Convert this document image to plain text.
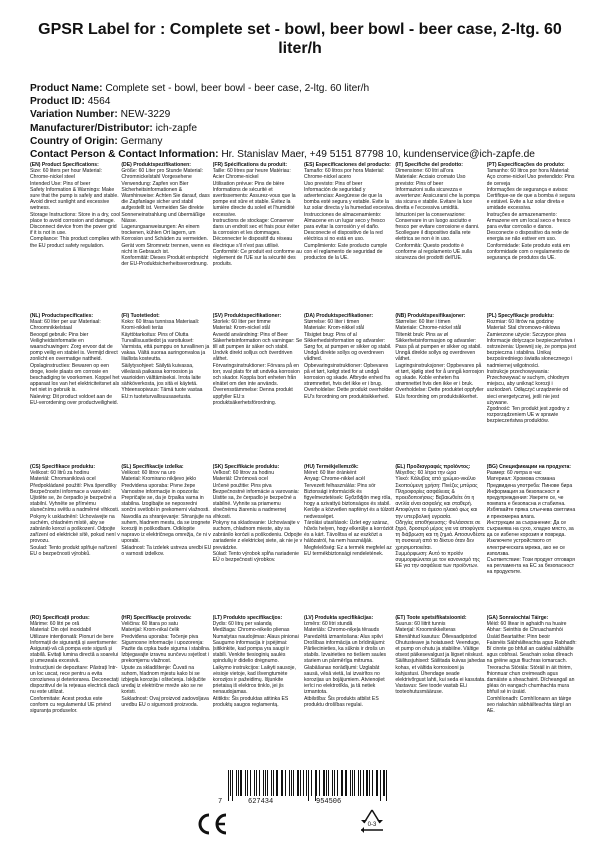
GPSR Label for : Complete set - bowl, beer bowl - beer case, 2-ltg. 60 liter/h
Product Name: Complete set - bowl, beer bowl - beer case, 2-ltg. 60 liter/h
Product ID: 4564
Variation Number: NEW-3229
Manufacturer/Distributor: ich-zapfe
Country of Origin: Germany
Contact Person & Contact Information: Hr. Stanislav Maer, +49 5151 87798 10, kundenservice@ich-zapfe.de
(EN) Product Specifications:

Size: 60 liters per hour Material: Chrome-nickel steel
Intended Use: Pins of beer
Safety Information & Warnings: Make sure that the pump is safely and stable. Avoid direct sunlight and excessive wetness.
Storage Instructions: Store in a dry, cool place to avoid corrosion and damage. Disconnect device from the power grid if it is not in use.
Compliance: This product complies with the EU product safety regulation.

(DE) Produktspezifikationen:

Größe: 60 Liter pro Stunde Material: Chromnickelstahl Vorgesehene Verwendung: Zapfen von Bier
Sicherheitsinformationen & Warnhinweise: Achten Sie darauf, dass die Zapfanlage sicher und stabil aufgestellt ist. Vermeiden Sie direkte Sonneneinstrahlung und übermäßige Nässe.
Lagerungsanweisungen: An einem trockenen, kühlen Ort lagern, um Korrosion und Schäden zu vermeiden. Gerät vom Stromnetz trennen, wenn es nicht in Gebrauch ist.
Konformität: Dieses Produkt entspricht der EU-Produktsicherheitsverordnung.

(FR) Spécifications du produit:

Taille: 60 litres par heure Matériau: Acier Chrome-nickel
Utilisation prévue: Pins de bière
Informations de sécurité et avertissements: Assurez-vous que la pompe est sûre et stable. Évitez la lumière directe du soleil et l'humidité excessive.
Instructions de stockage: Conserver dans un endroit sec et frais pour éviter la corrosion et les dommages. Déconnecter le dispositif du réseau électrique s'il n'est pas utilisé.
Conformité: Ce produit est conforme au règlement de l'UE sur la sécurité des produits.

(ES) Especificaciones del producto:

Tamaño: 60 litros por hora Material: Chrome-nickel acero
Uso previsto: Pins of beer
Información de seguridad y advertencias: Asegúrese de que la bomba esté segura y estable. Evite la luz solar directa y la humedad excesiva.
Instrucciones de almacenamiento: Almacene en un lugar seco y fresco para evitar la corrosión y el daño. Desconecte el dispositivo de la red eléctrica si no está en uso.
Cumplimiento: Este producto cumple con el reglamento de seguridad de productos de la UE.

(IT) Specifiche del prodotto:

Dimensione: 60 litri all'ora
Materiale: Acciaio cromato Uso previsto: Pins of beer
Informazioni sulla sicurezza e avvertenze: Assicurarsi che la pompa sia sicura e stabile. Evitare la luce diretta e l'eccessiva umidità.
Istruzioni per la conservazione: Conservare in un luogo asciutto e fresco per evitare corrosione e danni. Scollegare il dispositivo dalla rete elettrica se non è in uso.
Conformità: Questo prodotto è conforme al regolamento UE sulla sicurezza dei prodotti dell'UE.

(PT) Especificações do produto:

Tamanho: 60 litros por hora Material: Aço crome-nickel Uso pretendido: Pins de cerveja
Informações de segurança e avisos: Certifique-se de que a bomba é segura e estável. Evite a luz solar direta e umidade excessiva.
Instruções de armazenamento: Armazene em um local seco e fresco para evitar corrosão e danos. Desconecte o dispositivo da rede de energia se não estiver em uso.
Conformidade: Este produto está em conformidade com o regulamento de segurança de produtos da UE.

(NL) Productspecificaties:

Maat: 60 liter per uur Materiaal: Chroomnikkelstaal
Beoogd gebruik: Pins bier Veiligheidsinformatie en waarschuwingen: Zorg ervoor dat de pomp veilig en stabiel is. Vermijd direct zonlicht en overmatige nattheid.
Opslaginstructies: Bewaren op een droge, koele plaats om corrosie en beschadiging te voorkomen. Koppel het apparaat los van het elektriciteitsnet als het niet in gebruik is.
Naleving: Dit product voldoet aan de EU-verordening over productveiligheid.

(FI) Tuotetiedot:

Koko: 60 litraa tunnissa Materiaali: Kromi-nikkeli teräs
Käyttötarkoitus: Pins of Olutta
Turvallisuustiedot ja varoitukset: Varmista, että pumppu on turvallinen ja vakaa. Vältä suoraa auringonvaloa ja liiallista kosteutta.
Säilytysohjeet: Säilytä kuivassa, viileässä paikassa korroosion ja vaurioiden välttämiseksi. Irrota laite sähköverkosta, jos sitä ei käytetä.
Yhteensopivuus: Tämä tuote vastaa EU:n tuoteturvallisuusasetusta.

(SV) Produktspecifikationer:

Storlek: 60 liter per timme
Material: Krom-nickel stål
Avsedd användning: Pins of Beer
Säkerhetsinformation och varningar: Se till att pumpen är säker och stabil. Undvik direkt solljus och överdriven våthet.
Förvaringsinstruktioner: Förvara på en torr, sval plats för att undvika korrosion och skador. Koppla bort enheten från elnätet om den inte används.
Överensstämmelse: Denna produkt uppfyller EU:s produktsäkerhetsförordning.

(DA) Produktspecifikationer:

Størrelse: 60 liter i timen
Materiale: Krom-nikkel stål
Tilsigtet brug: Pins of al
Sikkerhedsinformation og advarsler: Sørg for, at pumpen er sikker og stabil. Undgå direkte sollys og overdreven vådhed.
Opbevaringsinstruktioner: Opbevares på et tørt, køligt sted for at undgå korrosion og skade. Afbryde enhed fra strømnettet, hvis det ikke er i brug.
Overholdelse: Dette produkt overholder EU's forordning om produktsikkerhed.

(NB) Produktspesifikasjoner:

Størrelse: 60 liter i timen
Materiale: Chrome-nickel stål
Tiltenkt bruk: Pins av øl
Sikkerhetsinformasjon og advarsler: Pass på at pumpen er sikker og stabil. Unngå direkte sollys og overdreven våthet.
Lagringsinstruksjoner: Oppbevares på et tørt, kjølig sted for å unngå korrosjon og skade. Koble enheten fra strømnettet hvis den ikke er i bruk.
Overholdelse: Dette produktet oppfyller EUs forordning om produktsikkerhet.

(PL) Specyfikacje produktu:

Rozmiar: 60 litrów na godzinę
Materiał: Stal chromowo-niklowa
Zamierzone użycie: Szczypce piwa
Informacje dotyczące bezpieczeństwa i ostrzeżenia: Upewnij się, że pompa jest bezpieczna i stabilna. Unikaj bezpośredniego światła słonecznego i nadmiernej wilgotności.
Instrukcje przechowywania: Przechowywać w suchym, chłodnym miejscu, aby uniknąć korozji i uszkodzeń. Odłączyć urządzenie od sieci energetycznej, jeśli nie jest używane.
Zgodność: Ten produkt jest zgodny z rozporządzeniem UE w sprawie bezpieczeństwa produktów.

(CS) Specifikace produktu:

Velikost: 60 litrů za hodinu
Materiál: Chromaniklová ocel
Předpokládané použití: Piva špendlíky
Bezpečnostní informace a varování: Ujistěte se, že čerpadlo je bezpečné a stabilní. Vyhněte se přímému slunečnímu světlu a nadměrné vlhkosti.
Pokyny k uskladnění: Uchovávejte na suchém, chladném místě, aby se zabránilo korozi a poškození. Odpojte zařízení od elektrické sítě, pokud není v provozu.
Soulad: Tento produkt splňuje nařízení EU o bezpečnosti výrobků.

(SL) Specifikacije izdelka:

Velikost: 60 litrov na uro
Material: Kromirano nikljevo jeklo
Predvidena uporaba: Pivne žepe
Varnostne informacije in opozorila: Prepričajte se, da je črpalka varna in stabilna. Izogibajte se neposredni sončni svetlobi in prekomerni vlažnosti.
Navodila za shranjevanje: Shranjujte na suhem, hladnem mestu, da se izognete koroziji in poškodbam. Odklopite napravo iz električnega omrežja, če ni v uporabi.
Skladnost: Ta izdelek ustreza uredbi EU o varnosti izdelkov.

(SK) Špecifikácie produktu:

Veľkosť: 60 litrov za hodinu
Materiál: Chrómová ocel
Určené použitie: Pins piva
Bezpečnostné informácie a varovania: Uistite sa, že čerpadlo je bezpečné a stabilné. Vyhnite sa priamemu slnečnému žiareniu a nadmernej vlhkosti.
Pokyny na skladovanie: Uchovávajte v suchom, chladnom mieste, aby sa zabránilo korózii a poškodeniu. Odpojte zariadenie z elektrickej siete, ak nie je v prevádzke.
Súlad: Tento výrobok spĺňa nariadenie EÚ o bezpečnosti výrobkov.

(HU) Termékjellemzők:

Méret: 60 liter óránként
Anyag: Chrome-nikkel acél
Tervezett felhasználás: Pins sör
Biztonsági információk és figyelmeztetések: Győződjön meg róla, hogy a szivattyú biztonságos és stabil. Kerülje a közvetlen napfényt és a túlzott nedvességet.
Tárolási utasítások: Üzlet egy száraz, hűvös helyen, hogy elkerülje a korróziót és a kárt. Távolítsa el az eszközt a hálózatról, ha nem használják.
Megfelelőség: Ez a termék megfelel az EU termékbiztonsági rendeletének.

(EL) Προδιαγραφές προϊόντος:

Μέγεθος: 60 λίτρα την ώρα
Υλικό: Κάλυβας από χρώμιο-νικέλιο
Σκοπούμενη χρήση: Πινέζες μπύρας
Πληροφορίες ασφάλειας & προειδοποιήσεις: Βεβαιωθείτε ότι η αντλία είναι ασφαλής και σταθερή. Αποφύγετε το άμεσο ηλιακό φως και την υπερβολική υγρασία.
Οδηγίες αποθήκευσης: Φυλάσσετε σε ξηρό, δροσερό μέρος για να αποφύγετε τη διάβρωση και τη ζημιά. Αποσυνδέστε τη συσκευή από το δίκτυο όταν δεν χρησιμοποιείται.
Συμμόρφωση: Αυτό το προϊόν συμμορφώνεται με τον κανονισμό της ΕΕ για την ασφάλεια των προϊόντων.

(BG) Спецификации на продукта:

Размер: 60 литра в час
Материал: Хромова стомана
Предвидена употреба: Пинове бира
Информация за безопасност и предупреждения: Уверете се, че помпата е безопасна и стабилна. Избягвайте пряка слънчева светлина и прекомерна влага.
Инструкции за съхранение: Да се съхранява на сухо, хладно място, за да се избегне корозия и повреда. Изключете устройството от електрическата мрежа, ако не се използва.
Съответствие: Този продукт отговаря на регламента на ЕС за безопасност на продуктите.

(RO) Specificații produs:

Mărime: 60 litri pe oră
Material: Din oțel inoxidabil
Utilizare intenționată: Pionuri de bere
Informații de siguranță și avertismente: Asigurați-vă că pompa este sigură și stabilă. Evitați lumina directă a soarelui și umezeala excesivă.
Instrucțiuni de depozitare: Păstrați într-un loc uscat, rece pentru a evita coroziunea și deteriorarea. Deconectați dispozitivul de la rețeaua electrică dacă nu este utilizat.
Conformitate: Acest produs este conform cu regulamentul UE privind siguranța produselor.

(HR) Specifikacije proizvoda:

Veličina: 60 litara po satu
Materijal: Krom-nikal čelik
Predviđena uporaba: Točenje piva
Sigurnosne informacije i upozorenja: Pazite da crpka bude sigurna i stabilna. Izbjegavajte izravnu sunčevu svjetlost i prekomjernu vlažnost.
Upute za skladištenje: Čuvati na suhom, hladnom mjestu kako bi se izbjegla korozija i oštećenja. Isključite uređaj iz električne mreže ako se ne koristi.
Sukladnost: Ovaj proizvod zadovoljava uredbu EU o sigurnosti proizvoda.

(LT) Produkto specifikacijos:

Dydis: 60 litrų per valandą
Medžiaga: Chromo-nikelio plienas
Numatytas naudojimas: Alaus pinionai
Saugumo informacija ir įspėjimai: Įsitikinkite, kad pompa yra saugi ir stabili. Venkite tiesioginių saulės spindulių ir didelio drėgnumo.
Laikymo instrukcijos: Laikyti sausoje, vėsioje vietoje, kad išvengtumėte korozijos ir pažeidimų. Išjunkite prietaisą iš elektros tinklo, jei jis nenaudojamas.
Atitiktis: Šis produktas atitinka ES produktų saugos reglamentą.

(LV) Produkta specifikācijas:

Izmērs: 60 litri stundā
Materiāls: Chromo-niķeļa tērauds
Paredzētā izmantošana: Alus spilvi
Drošības informācija un brīdinājumi: Pārliecinieties, ka sūknis ir drošs un stabils. Izvairieties no tiešiem saules stariem un pārmērīga mitruma.
Glabāšanas norādījumi: Uzglabāt sausā, vēsā vietā, lai izvairītos no korozijas un bojājumiem. Atvienojiet ierīci no elektrotīkla, ja tā netiek izmantota.
Atbilstība: Šis produkts atbilst ES produktu drošības regulai.

(ET) Toote spetsifikatsioonid:

Suurus: 60 liitrit tunnis
Materjal: Kroomnikkelteras
Ettenähtud kasutus: Õllevaadipistod
Ohutusteave ja hoiatused: Veenduge, et pump on ohutu ja stabiilne. Vältige otsest päikesevalgust ja liigset niiskust.
Säilitusjuhised: Säilitada kuivas jahedas kohas, et vältida korrosiooni ja kahjustusi. Ühendage seade elektrivõrgust lahti, kui seda ei kasutata.
Vastavus: See toode vastab ELi tooteohutusmääruse.

(GA) Sonraíochtaí Táirge:

Méid: 60 lítear in aghaidh na huaire
Abhar: Seinthis de Chruachamhói
Úsáid Beartaithe: Pinn beoir
Faisnéis Sábháilteachta agus Rabhadh: Bí cinnte go bhfuil an caidéal sábháilte agus cobhsaí. Seachain solas díreach na gréine agus fliuchras iomarcach.
Treoracha Stórála: Stóráil in áit thirim, fhionnuar chun creimeadh agus damáiste a sheachaint. Dícheangail an gléas ón eangach chumhachta mura bhfuil sé in úsáid.
Comhlíonadh: Comhlíonann an táirge seo rialachán sábháilteachta táirgí an AE.

7	627434	954506
0-3
